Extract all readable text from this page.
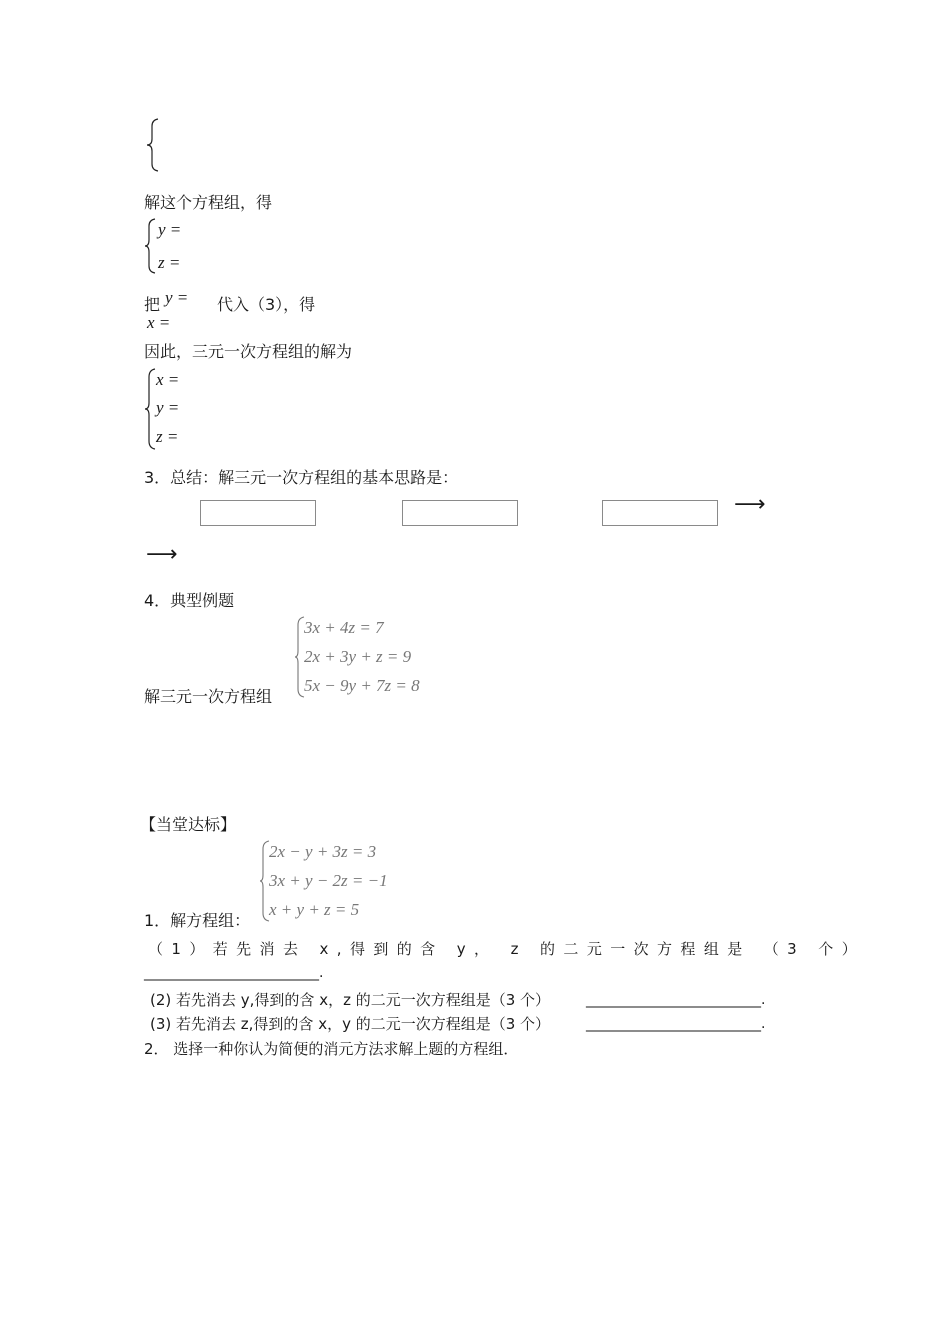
解这个方程组，得
y =
z =
把 y =
x =
代入（3），得
因此，三元一次方程组的解为
x =
y =
z =
3．总结：解三元一次方程组的基本思路是：
⟶
⟶
4．典型例题
3x + 4z = 7
2x + 3y + z = 9
5x − 9y + 7z = 8
解三元一次方程组
【当堂达标】
2x − y + 3z = 3
3x + y − 2z = −1
x + y + z = 5
1．解方程组：
（1）若先消去 x,得到的含 y， z 的二元一次方程组是 （3 个）
_________________________.
(2) 若先消去 y,得到的含 x，z 的二元一次方程组是（3 个）	_________________________.
(3) 若先消去 z,得到的含 x，y 的二元一次方程组是（3 个）	_________________________.
2． 选择一种你认为简便的消元方法求解上题的方程组．
